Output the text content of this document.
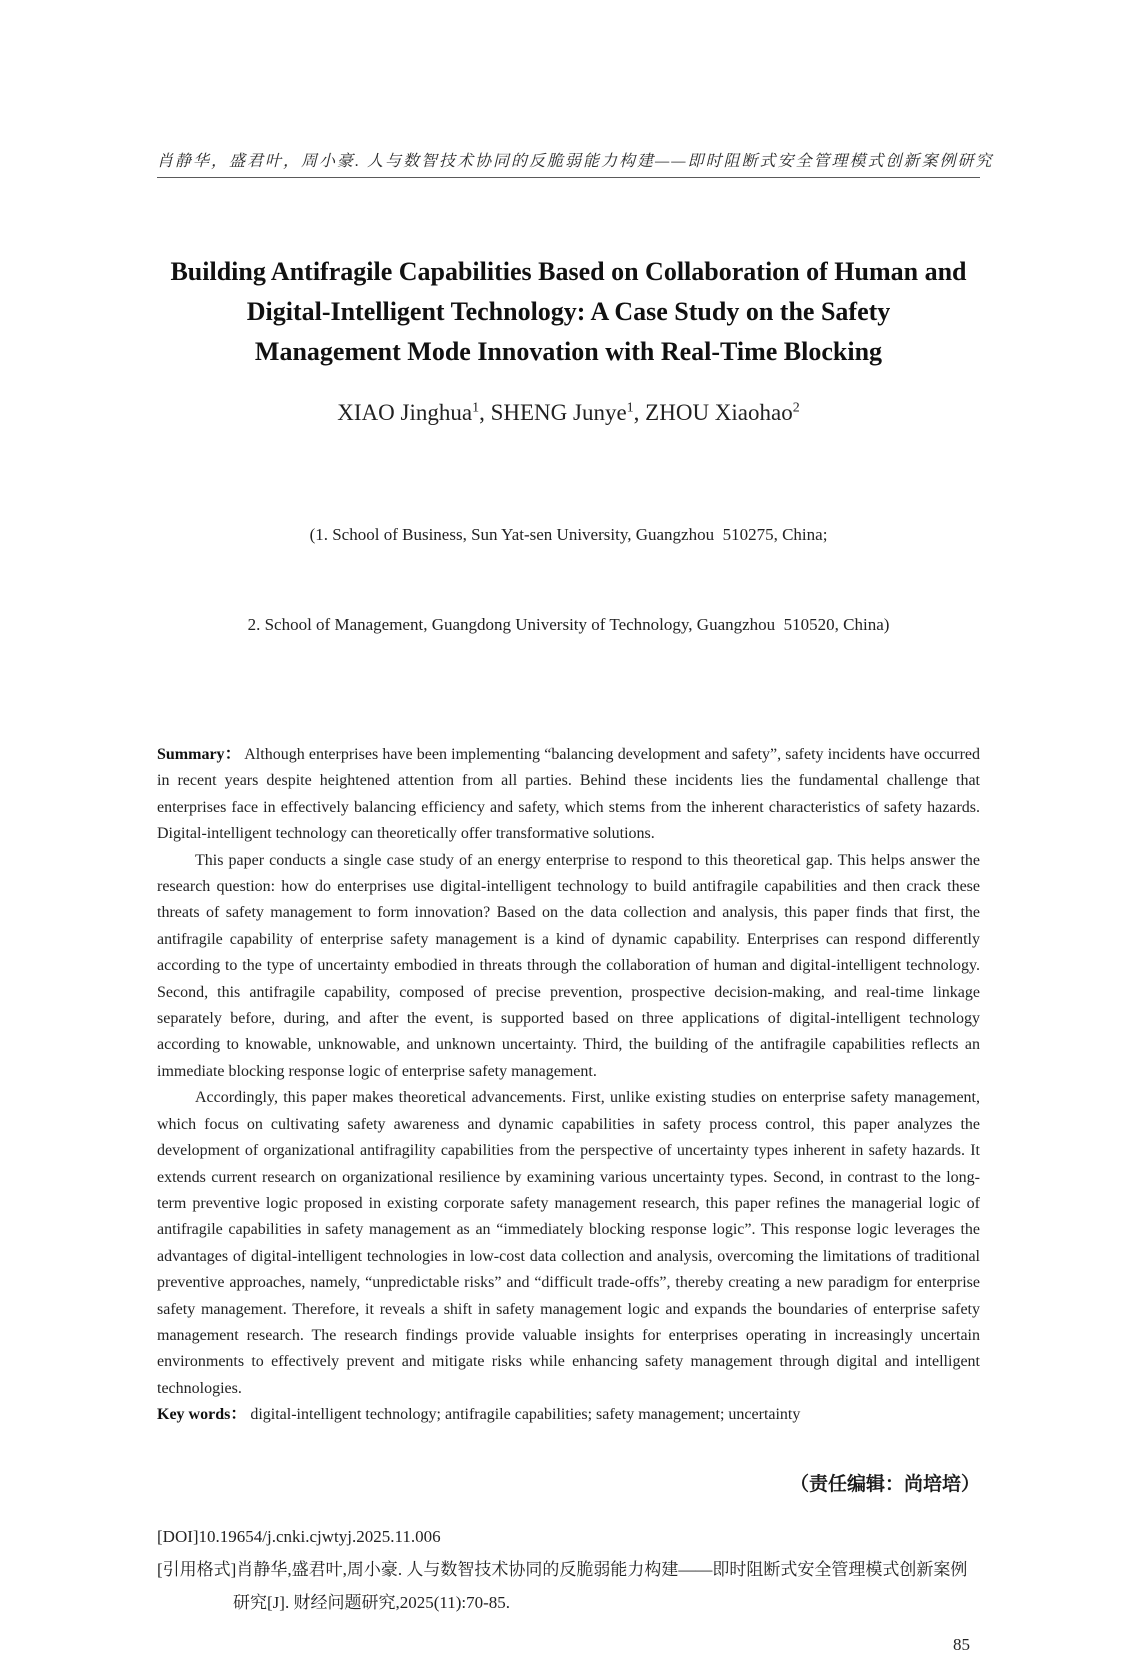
肖静华，盛君叶，周小豪. 人与数智技术协同的反脆弱能力构建——即时阻断式安全管理模式创新案例研究
Building Antifragile Capabilities Based on Collaboration of Human and
Digital-Intelligent Technology: A Case Study on the Safety
Management Mode Innovation with Real-Time Blocking
XIAO Jinghua$^1$, SHENG Junye$^1$, ZHOU Xiaohao$^2$

(1. School of Business, Sun Yat-sen University, Guangzhou  510275, China;

2. School of Management, Guangdong University of Technology, Guangzhou  510520, China)

Summary： Although enterprises have been implementing “balancing development and safety”, safety incidents have occurred in recent years despite heightened attention from all parties. Behind these incidents lies the fundamental challenge that enterprises face in effectively balancing efficiency and safety, which stems from the inherent characteristics of safety hazards. Digital-intelligent technology can theoretically offer transformative solutions.

This paper conducts a single case study of an energy enterprise to respond to this theoretical gap. This helps answer the research question: how do enterprises use digital-intelligent technology to build antifragile capabilities and then crack these threats of safety management to form innovation? Based on the data collection and analysis, this paper finds that first, the antifragile capability of enterprise safety management is a kind of dynamic capability. Enterprises can respond differently according to the type of uncertainty embodied in threats through the collaboration of human and digital-intelligent technology. Second, this antifragile capability, composed of precise prevention, prospective decision-making, and real-time linkage separately before, during, and after the event, is supported based on three applications of digital-intelligent technology according to knowable, unknowable, and unknown uncertainty. Third, the building of the antifragile capabilities reflects an immediate blocking response logic of enterprise safety management.

Accordingly, this paper makes theoretical advancements. First, unlike existing studies on enterprise safety management, which focus on cultivating safety awareness and dynamic capabilities in safety process control, this paper analyzes the development of organizational antifragility capabilities from the perspective of uncertainty types inherent in safety hazards. It extends current research on organizational resilience by examining various uncertainty types. Second, in contrast to the long-term preventive logic proposed in existing corporate safety management research, this paper refines the managerial logic of antifragile capabilities in safety management as an “immediately blocking response logic”. This response logic leverages the advantages of digital-intelligent technologies in low-cost data collection and analysis, overcoming the limitations of traditional preventive approaches, namely, “unpredictable risks” and “difficult trade-offs”, thereby creating a new paradigm for enterprise safety management. Therefore, it reveals a shift in safety management logic and expands the boundaries of enterprise safety management research. The research findings provide valuable insights for enterprises operating in increasingly uncertain environments to effectively prevent and mitigate risks while enhancing safety management through digital and intelligent technologies.

Key words： digital-intelligent technology; antifragile capabilities; safety management; uncertainty

（责任编辑：尚培培）
[DOI]10.19654/j.cnki.cjwtyj.2025.11.006
[引用格式]肖静华,盛君叶,周小豪. 人与数智技术协同的反脆弱能力构建——即时阻断式安全管理模式创新案例
研究[J]. 财经问题研究,2025(11):70-85.
85
